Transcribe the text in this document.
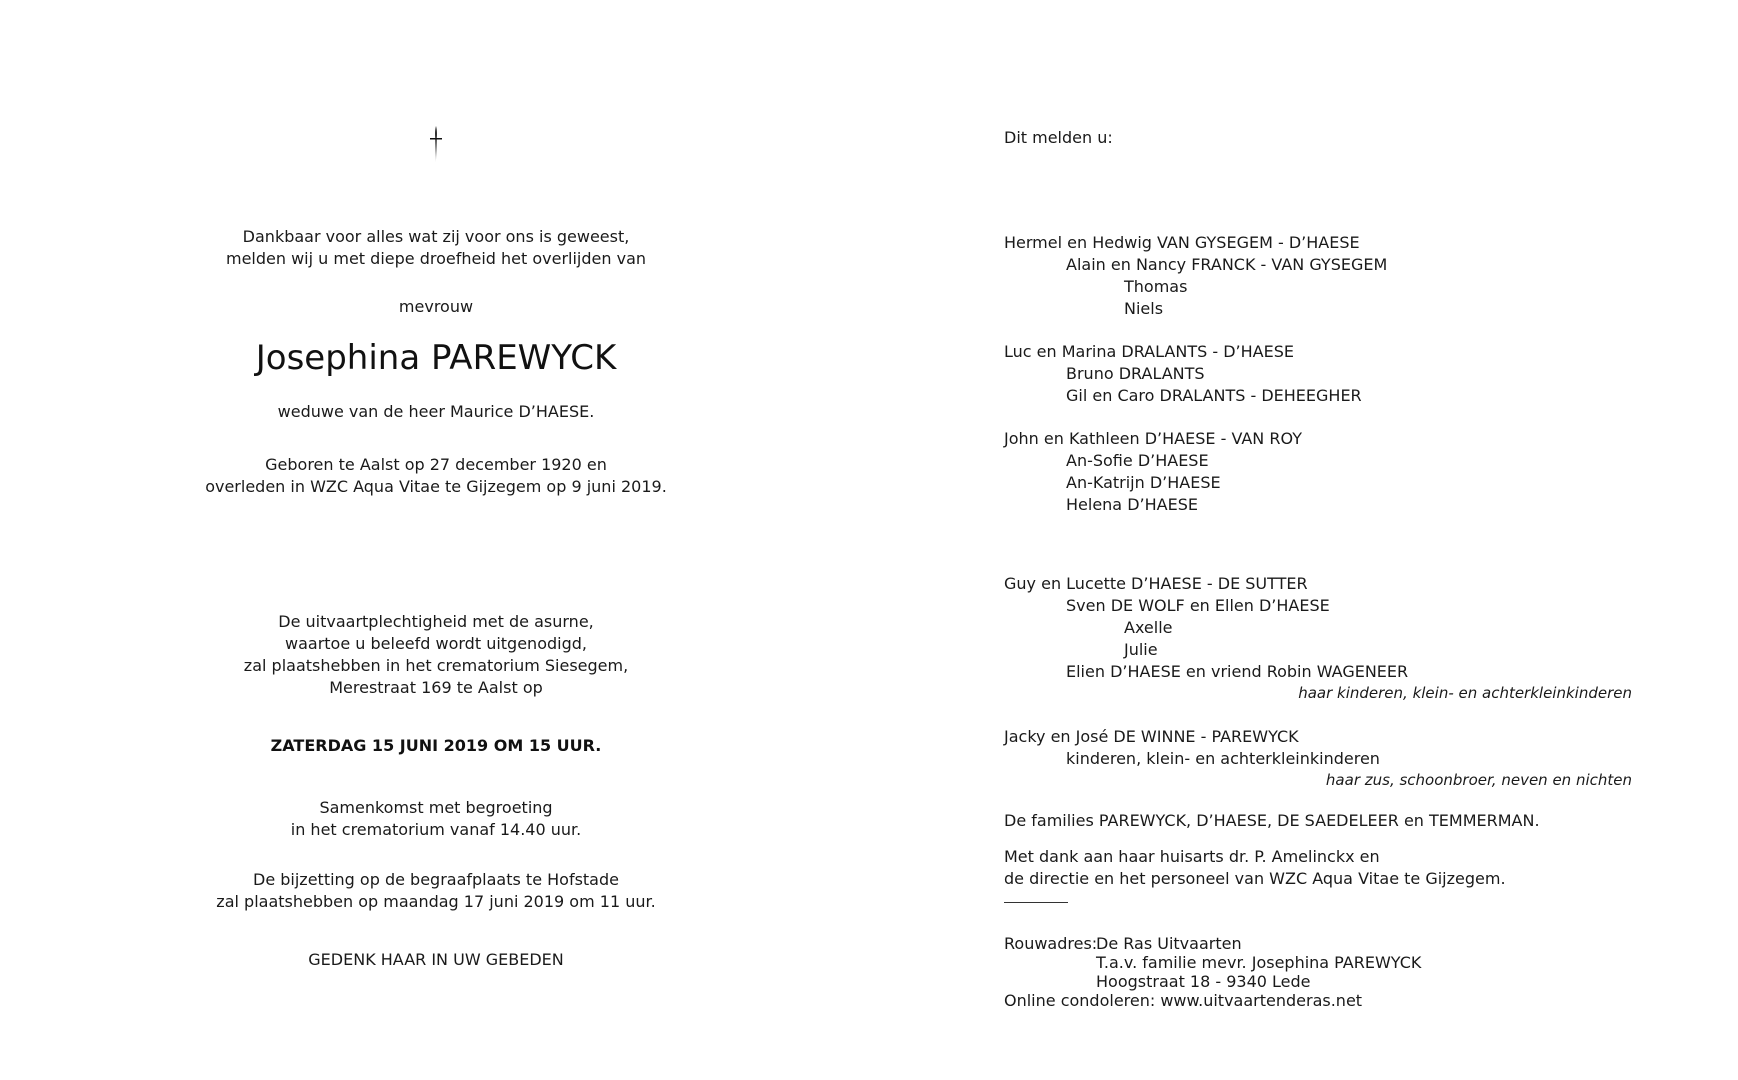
Dankbaar voor alles wat zij voor ons is geweest,
melden wij u met diepe droefheid het overlijden van
mevrouw
Josephina PAREWYCK
weduwe van de heer Maurice D’HAESE.
Geboren te Aalst op 27 december 1920 en
overleden in WZC Aqua Vitae te Gijzegem op 9 juni 2019.
De uitvaartplechtigheid met de asurne,
waartoe u beleefd wordt uitgenodigd,
zal plaatshebben in het crematorium Siesegem,
Merestraat 169 te Aalst op
ZATERDAG 15 JUNI 2019 OM 15 UUR.
Samenkomst met begroeting
in het crematorium vanaf 14.40 uur.
De bijzetting op de begraafplaats te Hofstade
zal plaatshebben op maandag 17 juni 2019 om 11 uur.
GEDENK HAAR IN UW GEBEDEN
Dit melden u:
Hermel en Hedwig VAN GYSEGEM - D’HAESE
Alain en Nancy FRANCK - VAN GYSEGEM
Thomas
Niels
Luc en Marina DRALANTS - D’HAESE
Bruno DRALANTS
Gil en Caro DRALANTS - DEHEEGHER
John en Kathleen D’HAESE - VAN ROY
An-Sofie D’HAESE
An-Katrijn D’HAESE
Helena D’HAESE
Guy en Lucette D’HAESE - DE SUTTER
Sven DE WOLF en Ellen D’HAESE
Axelle
Julie
Elien D’HAESE en vriend Robin WAGENEER
haar kinderen, klein- en achterkleinkinderen
Jacky en José DE WINNE - PAREWYCK
kinderen, klein- en achterkleinkinderen
haar zus, schoonbroer, neven en nichten
De families PAREWYCK, D’HAESE, DE SAEDELEER en TEMMERMAN.
Met dank aan haar huisarts dr. P. Amelinckx en
de directie en het personeel van WZC Aqua Vitae te Gijzegem.
Rouwadres:
De Ras Uitvaarten
T.a.v. familie mevr. Josephina PAREWYCK
Hoogstraat 18 - 9340 Lede
Online condoleren: www.uitvaartenderas.net
